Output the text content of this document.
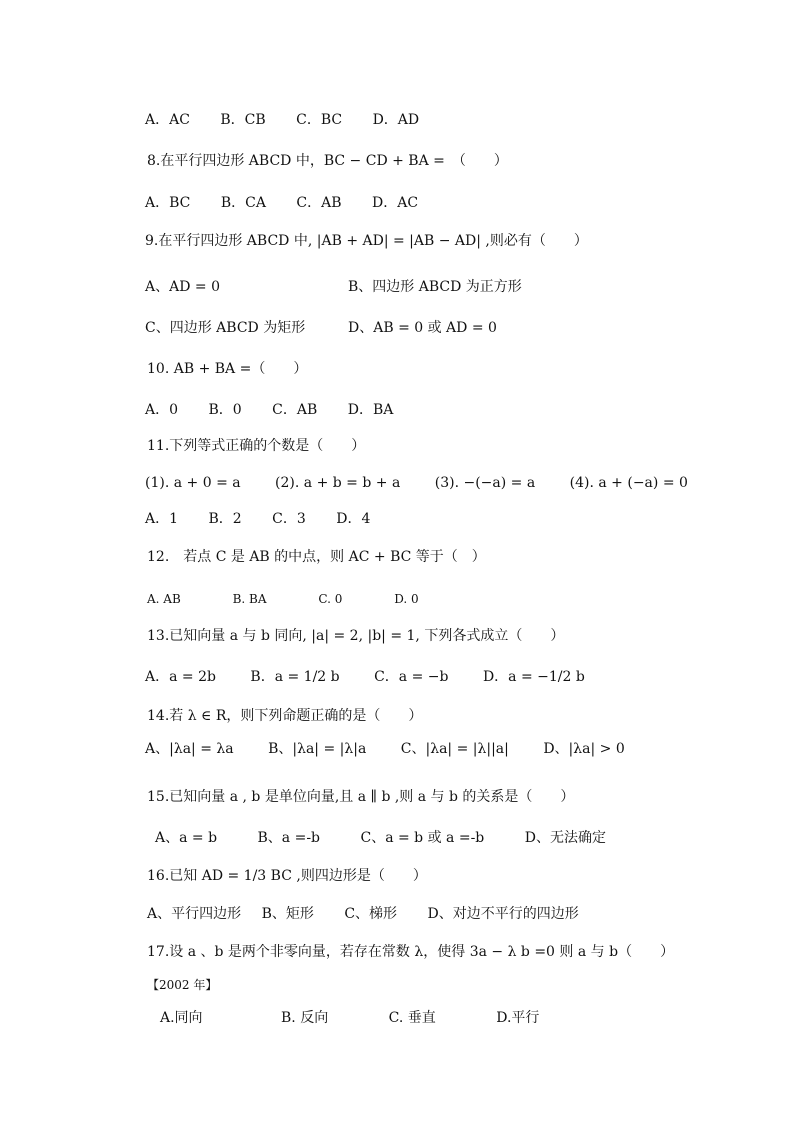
A．AC B．CB C．BC D．AD
8.在平行四边形 ABCD 中，BC − CD + BA =　（　　）
A．BC B．CA C．AB D．AC
9.在平行四边形 ABCD 中, |AB + AD| = |AB − AD| ,则必有（　　）
A、AD = 0	B、四边形 ABCD 为正方形
C、四边形 ABCD 为矩形	D、AB = 0 或 AD = 0
10. AB + BA =（　　）
A．0 B．0 C．AB D．BA
11.下列等式正确的个数是（　　）
(1). a + 0 = a (2). a + b = b + a (3). −(−a) = a (4). a + (−a) = 0
A．1 B．2 C．3 D．4
12.　若点 C 是 AB 的中点，则 AC + BC 等于（　）
A. AB	B. BA	C. 0	D. 0
13.已知向量 a 与 b 同向, |a| = 2, |b| = 1, 下列各式成立（　　）
A．a = 2b B．a = 1/2 b C．a = −b D．a = −1/2 b
14.若 λ ∈ R，则下列命题正确的是（　　）
A、|λa| = λa B、|λa| = |λ|a C、|λa| = |λ||a| D、|λa| > 0
15.已知向量 a , b 是单位向量,且 a ∥ b ,则 a 与 b 的关系是（　　）
A、a = b	B、a =-b	C、a = b 或 a =-b	D、无法确定
16.已知 AD = 1/3 BC ,则四边形是（　　）
A、平行四边形 B、矩形 C、梯形 D、对边不平行的四边形
17.设 a 、b 是两个非零向量，若存在常数 λ，使得 3a − λ b =0 则 a 与 b（　　）
【2002 年】
A.同向	B. 反向	C. 垂直	D.平行
